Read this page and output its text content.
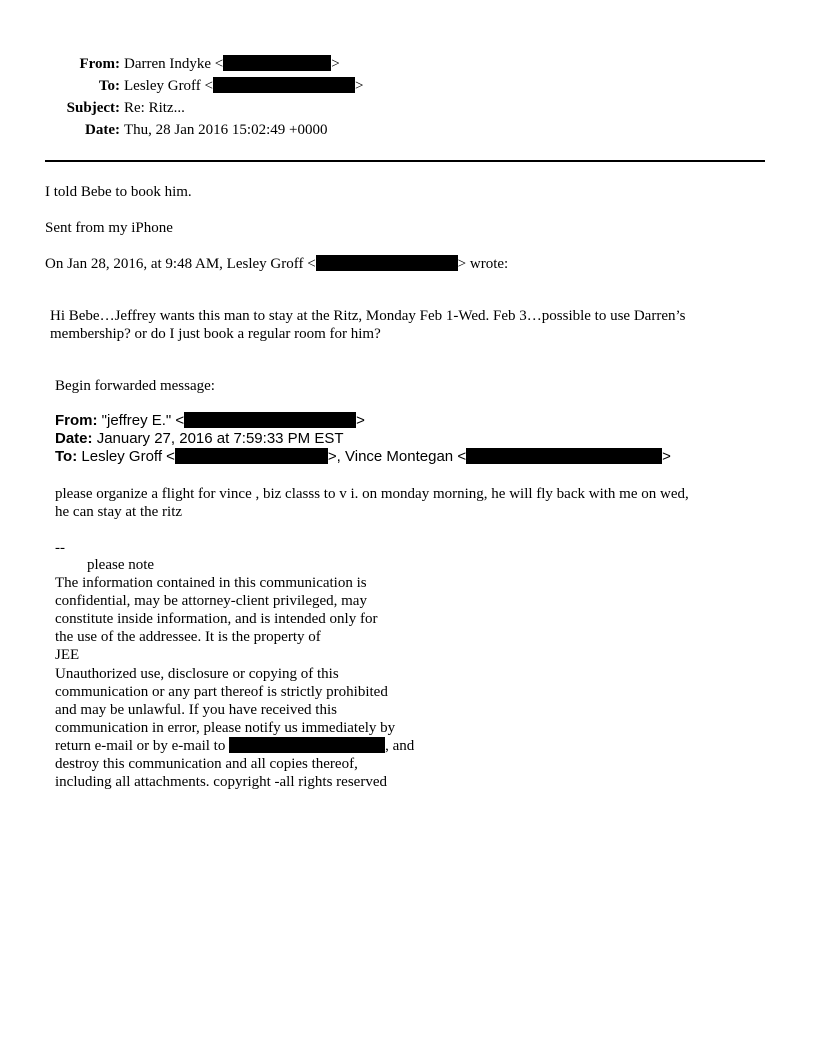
From: Darren Indyke <	>
To: Lesley Groff <	>
Subject: Re: Ritz...
Date: Thu, 28 Jan 2016 15:02:49 +0000
I told Bebe to book him.
Sent from my iPhone
On Jan 28, 2016, at 9:48 AM, Lesley Groff <	> wrote:
Hi Bebe…Jeffrey wants this man to stay at the Ritz, Monday Feb 1-Wed. Feb 3…possible to use Darren’s membership? or do I just book a regular room for him?
Begin forwarded message:
From: "jeffrey E." <	>
Date: January 27, 2016 at 7:59:33 PM EST
To: Lesley Groff <	>, Vince Montegan <	>
please organize a flight for vince , biz classs to v i. on monday morning, he will fly back with me on wed,
he can stay at the ritz
--
please note
The information contained in this communication is
confidential, may be attorney-client privileged, may
constitute inside information, and is intended only for
the use of the addressee. It is the property of
JEE
Unauthorized use, disclosure or copying of this
communication or any part thereof is strictly prohibited
and may be unlawful. If you have received this
communication in error, please notify us immediately by
return e-mail or by e-mail to	, and
destroy this communication and all copies thereof,
including all attachments. copyright -all rights reserved
